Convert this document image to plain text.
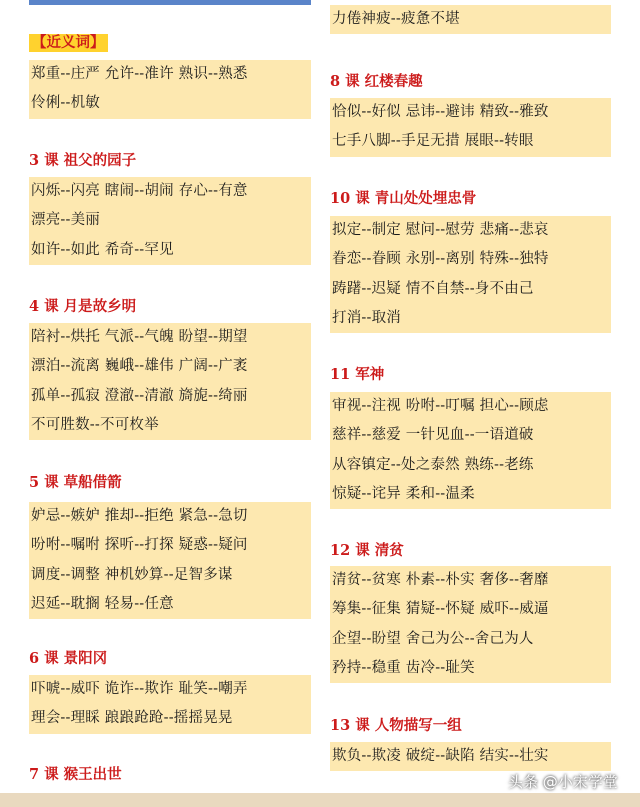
【近义词】
郑重--庄严 允许--准许 熟识--熟悉
伶俐--机敏
3 课 祖父的园子
闪烁--闪亮 瞎闹--胡闹 存心--有意
漂亮--美丽
如许--如此 希奇--罕见
4 课 月是故乡明
陪衬--烘托 气派--气魄 盼望--期望
漂泊--流离 巍峨--雄伟 广阔--广袤
孤单--孤寂 澄澈--清澈 旖旎--绮丽
不可胜数--不可枚举
5 课 草船借箭
妒忌--嫉妒 推却--拒绝 紧急--急切
吩咐--嘱咐 探听--打探 疑惑--疑问
调度--调整 神机妙算--足智多谋
迟延--耽搁 轻易--任意
6 课 景阳冈
吓唬--威吓 诡诈--欺诈 耻笑--嘲弄
理会--理睬 踉踉跄跄--摇摇晃晃
7 课 猴王出世
力倦神疲--疲惫不堪
8 课 红楼春趣
恰似--好似 忌讳--避讳 精致--雅致
七手八脚--手足无措 展眼--转眼
10 课 青山处处埋忠骨
拟定--制定 慰问--慰劳 悲痛--悲哀
眷恋--眷顾 永别--离别 特殊--独特
踌躇--迟疑 情不自禁--身不由己
打消--取消
11 军神
审视--注视 吩咐--叮嘱 担心--顾虑
慈祥--慈爱 一针见血--一语道破
从容镇定--处之泰然 熟练--老练
惊疑--诧异 柔和--温柔
12 课 清贫
清贫--贫寒 朴素--朴实 奢侈--奢靡
筹集--征集 猜疑--怀疑 威吓--威逼
企望--盼望 舍己为公--舍己为人
矜持--稳重 齿冷--耻笑
13 课 人物描写一组
欺负--欺凌 破绽--缺陷 结实--壮实
头条 @小宋学堂
